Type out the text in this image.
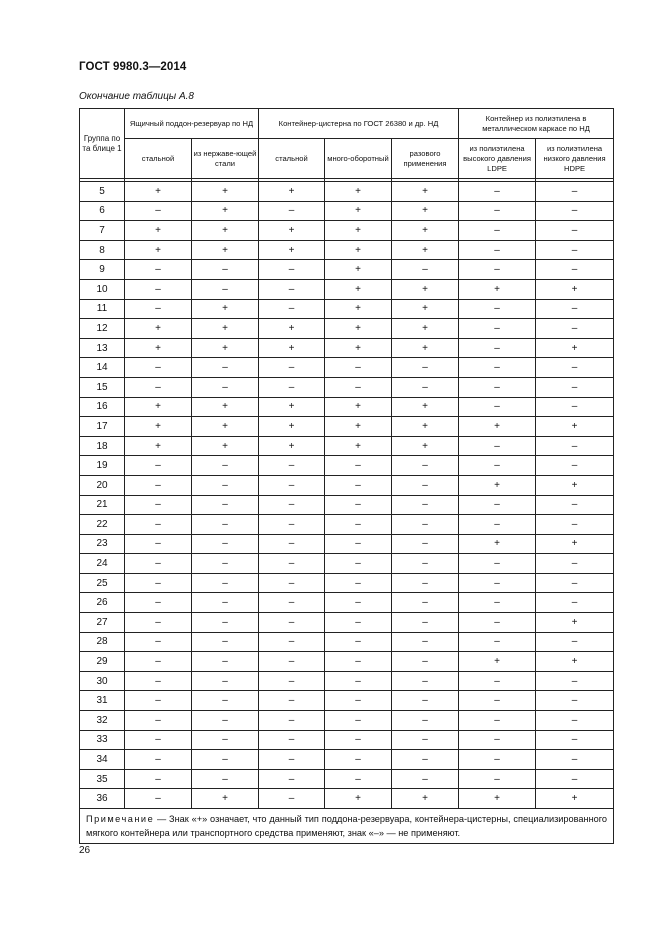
ГОСТ 9980.3—2014
Окончание таблицы А.8
Группа по та блице 1	Ящичный поддон-резервуар по НД		Контейнер-цистерна по ГОСТ 26380 и др. НД			Контейнер из полиэтилена в металлическом каркасе по НД	
	стальной	из нержаве-ющей стали	стальной	много-оборотный	разового применения	из полиэтилена высокого давления LDPE	из полиэтилена низкого давления HDPE

5	+	+	+	+	+	–	–
6	–	+	–	+	+	–	–
7	+	+	+	+	+	–	–
8	+	+	+	+	+	–	–
9	–	–	–	+	–	–	–
10	–	–	–	+	+	+	+
11	–	+	–	+	+	–	–
12	+	+	+	+	+	–	–
13	+	+	+	+	+	–	+
14	–	–	–	–	–	–	–
15	–	–	–	–	–	–	–
16	+	+	+	+	+	–	–
17	+	+	+	+	+	+	+
18	+	+	+	+	+	–	–
19	–	–	–	–	–	–	–
20	–	–	–	–	–	+	+
21	–	–	–	–	–	–	–
22	–	–	–	–	–	–	–
23	–	–	–	–	–	+	+
24	–	–	–	–	–	–	–
25	–	–	–	–	–	–	–
26	–	–	–	–	–	–	–
27	–	–	–	–	–	–	+
28	–	–	–	–	–	–	–
29	–	–	–	–	–	+	+
30	–	–	–	–	–	–	–
31	–	–	–	–	–	–	–
32	–	–	–	–	–	–	–
33	–	–	–	–	–	–	–
34	–	–	–	–	–	–	–
35	–	–	–	–	–	–	–
36	–	+	–	+	+	+	+
Примечание — Знак «+» означает, что данный тип поддона-резервуара, контейнера-цистерны, специализированного мягкого контейнера или транспортного средства применяют, знак «–» — не применяют.							
26
